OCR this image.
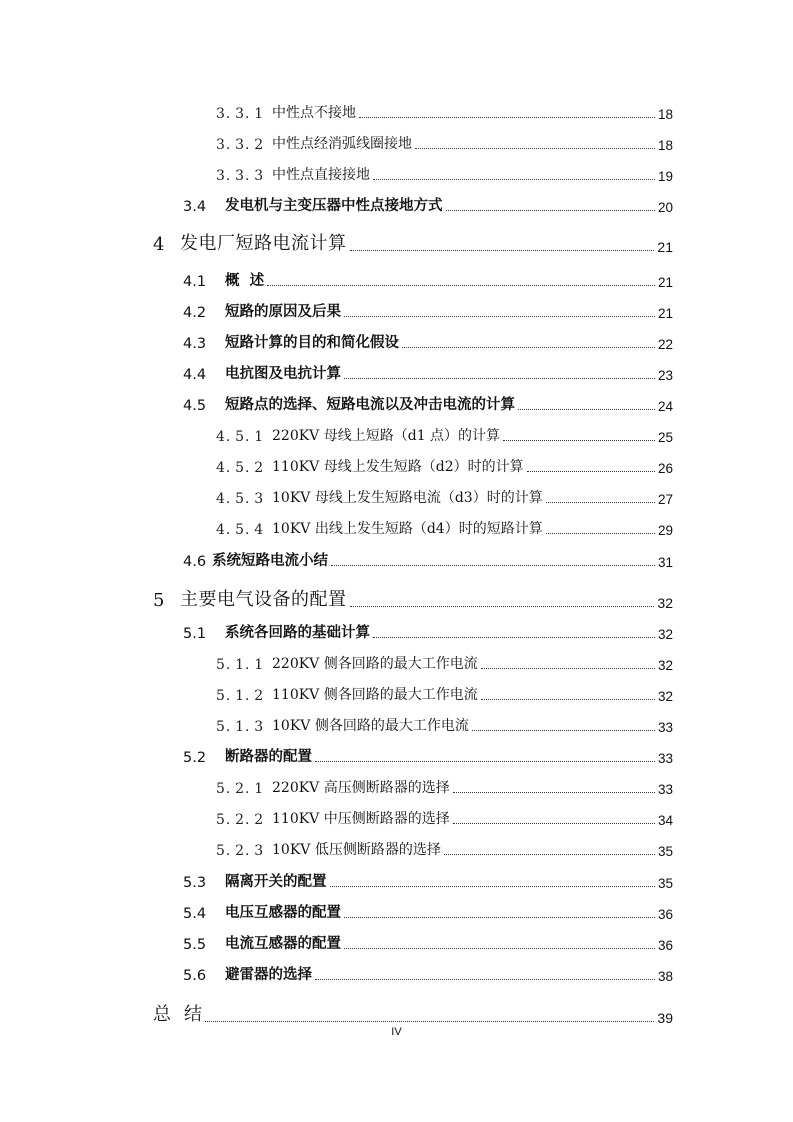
3. 3. 1 中性点不接地	18
3. 3. 2 中性点经消弧线圈接地	18
3. 3. 3 中性点直接接地	19
3.4	发电机与主变压器中性点接地方式	20
4 发电厂短路电流计算	21
4.1	概  述	21
4.2	短路的原因及后果	21
4.3	短路计算的目的和简化假设	22
4.4	电抗图及电抗计算	23
4.5	短路点的选择、短路电流以及冲击电流的计算	24
4. 5. 1 220KV 母线上短路（d1 点）的计算	25
4. 5. 2 110KV 母线上发生短路（d2）时的计算	26
4. 5. 3 10KV 母线上发生短路电流（d3）时的计算	27
4. 5. 4 10KV 出线上发生短路（d4）时的短路计算	29
4.6 系统短路电流小结	31
5 主要电气设备的配置	32
5.1	系统各回路的基础计算	32
5. 1. 1 220KV 侧各回路的最大工作电流	32
5. 1. 2 110KV 侧各回路的最大工作电流	32
5. 1. 3 10KV 侧各回路的最大工作电流	33
5.2	断路器的配置	33
5. 2. 1 220KV 高压侧断路器的选择	33
5. 2. 2 110KV 中压侧断路器的选择	34
5. 2. 3 10KV 低压侧断路器的选择	35
5.3	隔离开关的配置	35
5.4	电压互感器的配置	36
5.5	电流互感器的配置	36
5.6	避雷器的选择	38
总  结	39
IV
